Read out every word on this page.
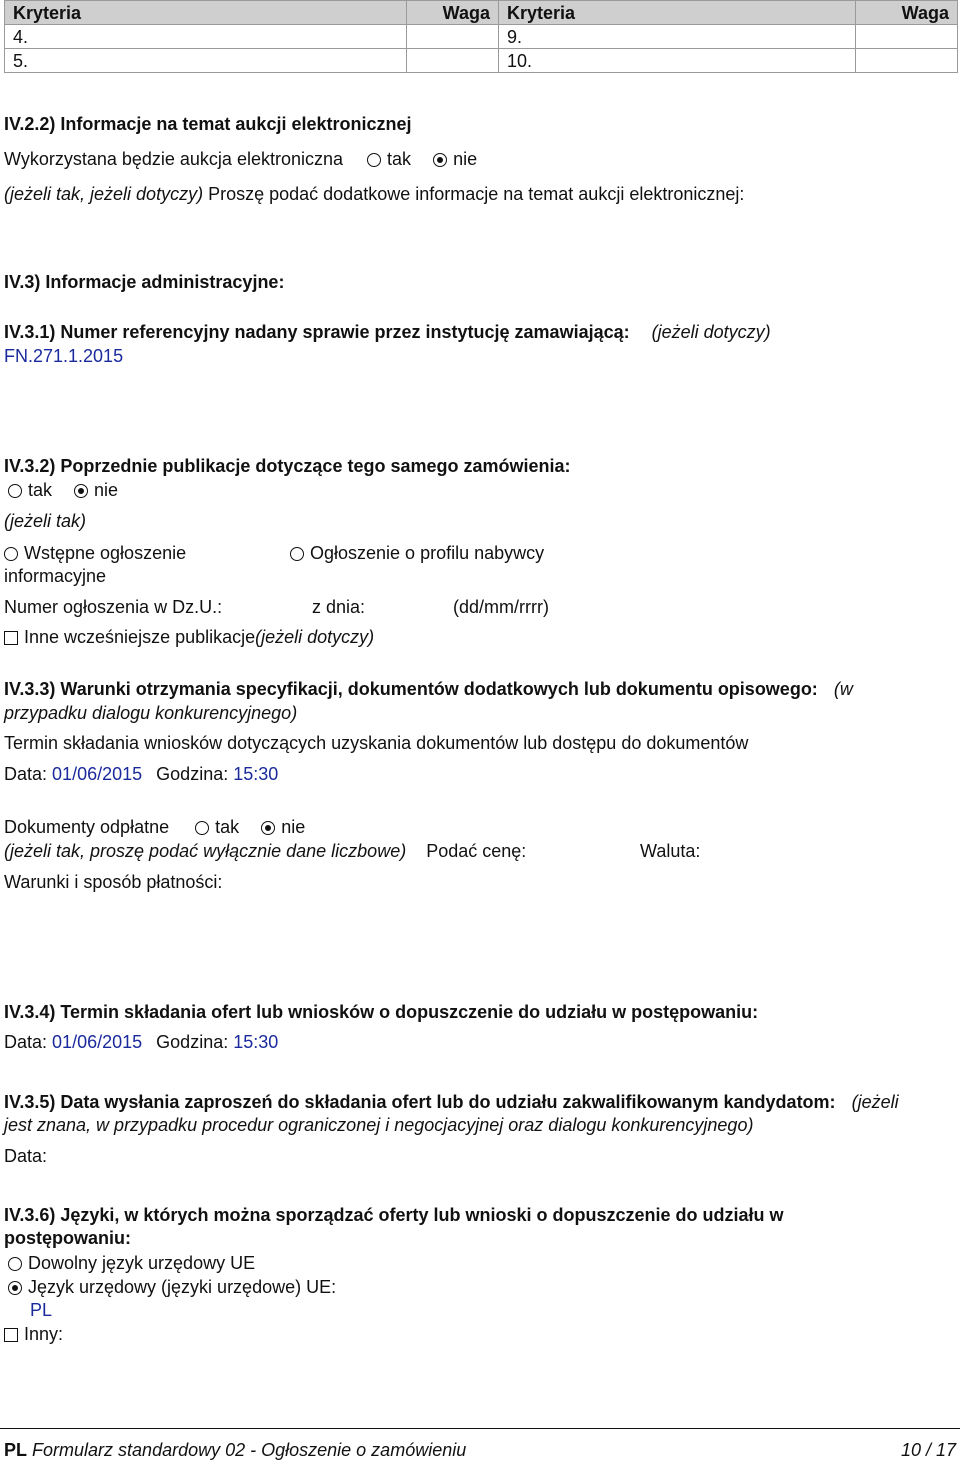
Kryteria	Waga	Kryteria	Waga
4.		9.	
5.		10.	
IV.2.2) Informacje na temat aukcji elektronicznej
Wykorzystana będzie aukcja elektroniczna tak nie
(jeżeli tak, jeżeli dotyczy) Proszę podać dodatkowe informacje na temat aukcji elektronicznej:
IV.3) Informacje administracyjne:
IV.3.1) Numer referencyjny nadany sprawie przez instytucję zamawiającą: (jeżeli dotyczy)
FN.271.1.2015
IV.3.2) Poprzednie publikacje dotyczące tego samego zamówienia:
tak nie
(jeżeli tak)
Wstępne ogłoszenie
informacyjne
Ogłoszenie o profilu nabywcy
Numer ogłoszenia w Dz.U.:	z dnia:	(dd/mm/rrrr)
Inne wcześniejsze publikacje(jeżeli dotyczy)
IV.3.3) Warunki otrzymania specyfikacji, dokumentów dodatkowych lub dokumentu opisowego: (w
przypadku dialogu konkurencyjnego)
Termin składania wniosków dotyczących uzyskania dokumentów lub dostępu do dokumentów
Data: 01/06/2015 Godzina: 15:30
Dokumenty odpłatne	tak nie
(jeżeli tak, proszę podać wyłącznie dane liczbowe) Podać cenę:	Waluta:
Warunki i sposób płatności:
IV.3.4) Termin składania ofert lub wniosków o dopuszczenie do udziału w postępowaniu:
Data: 01/06/2015 Godzina: 15:30
IV.3.5) Data wysłania zaproszeń do składania ofert lub do udziału zakwalifikowanym kandydatom: (jeżeli
jest znana, w przypadku procedur ograniczonej i negocjacyjnej oraz dialogu konkurencyjnego)
Data:
IV.3.6) Języki, w których można sporządzać oferty lub wnioski o dopuszczenie do udziału w
postępowaniu:
Dowolny język urzędowy UE
Język urzędowy (języki urzędowe) UE:
PL
Inny:
PL Formularz standardowy 02 - Ogłoszenie o zamówieniu	10 / 17
